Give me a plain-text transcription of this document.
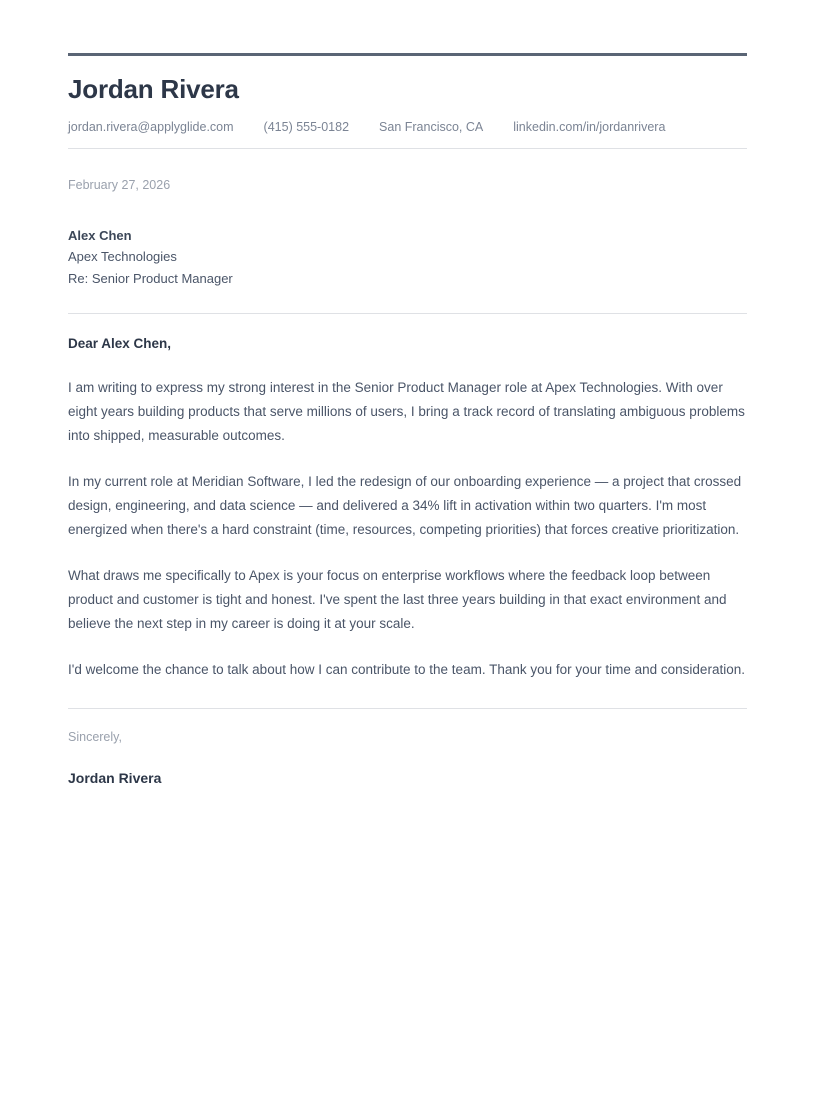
Jordan Rivera
jordan.rivera@applyglide.com (415) 555-0182 San Francisco, CA linkedin.com/in/jordanrivera
February 27, 2026
Alex Chen
Apex Technologies
Re: Senior Product Manager

Dear Alex Chen,

I am writing to express my strong interest in the Senior Product Manager role at Apex Technologies. With over eight years building products that serve millions of users, I bring a track record of translating ambiguous problems into shipped, measurable outcomes.

In my current role at Meridian Software, I led the redesign of our onboarding experience — a project that crossed design, engineering, and data science — and delivered a 34% lift in activation within two quarters. I'm most energized when there's a hard constraint (time, resources, competing priorities) that forces creative prioritization.

What draws me specifically to Apex is your focus on enterprise workflows where the feedback loop between product and customer is tight and honest. I've spent the last three years building in that exact environment and believe the next step in my career is doing it at your scale.

I'd welcome the chance to talk about how I can contribute to the team. Thank you for your time and consideration.

Sincerely,
Jordan Rivera
